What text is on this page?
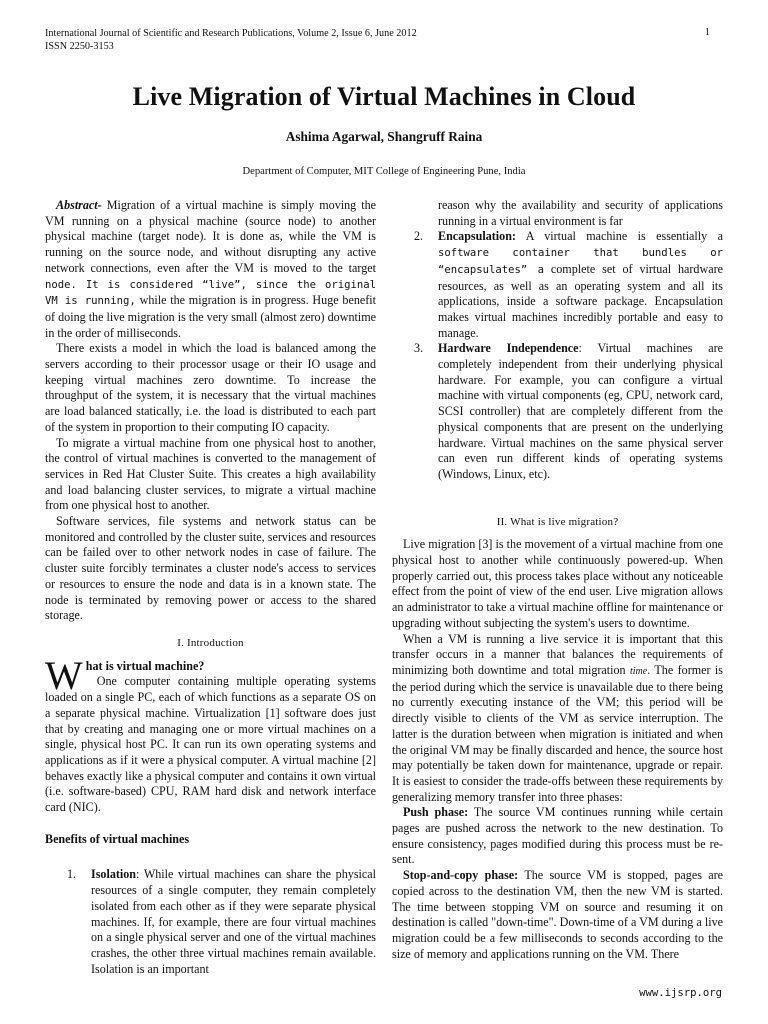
International Journal of Scientific and Research Publications, Volume 2, Issue 6, June 2012
ISSN 2250-3153
1
Live Migration of Virtual Machines in Cloud
Ashima Agarwal, Shangruff Raina
Department of Computer, MIT College of Engineering Pune, India

Abstract- Migration of a virtual machine is simply moving the VM running on a physical machine (source node) to another physical machine (target node). It is done as, while the VM is running on the source node, and without disrupting any active network connections, even after the VM is moved to the target node. It is considered “live”, since the original VM is running, while the migration is in progress. Huge benefit of doing the live migration is the very small (almost zero) downtime in the order of milliseconds.

There exists a model in which the load is balanced among the servers according to their processor usage or their IO usage and keeping virtual machines zero downtime. To increase the throughput of the system, it is necessary that the virtual machines are load balanced statically, i.e. the load is distributed to each part of the system in proportion to their computing IO capacity.

To migrate a virtual machine from one physical host to another, the control of virtual machines is converted to the management of services in Red Hat Cluster Suite. This creates a high availability and load balancing cluster services, to migrate a virtual machine from one physical host to another.

Software services, file systems and network status can be monitored and controlled by the cluster suite, services and resources can be failed over to other network nodes in case of failure. The cluster suite forcibly terminates a cluster node's access to services or resources to ensure the node and data is in a known state. The node is terminated by removing power or access to the shared storage.

I. Introduction

What is virtual machine?
One computer containing multiple operating systems loaded on a single PC, each of which functions as a separate OS on a separate physical machine. Virtualization [1] software does just that by creating and managing one or more virtual machines on a single, physical host PC. It can run its own operating systems and applications as if it were a physical computer. A virtual machine [2] behaves exactly like a physical computer and contains it own virtual (i.e. software-based) CPU, RAM hard disk and network interface card (NIC).

Benefits of virtual machines

1. Isolation: While virtual machines can share the physical resources of a single computer, they remain completely isolated from each other as if they were separate physical machines. If, for example, there are four virtual machines on a single physical server and one of the virtual machines crashes, the other three virtual machines remain available. Isolation is an important

reason why the availability and security of applications running in a virtual environment is far

2. Encapsulation: A virtual machine is essentially a software container that bundles or “encapsulates” a complete set of virtual hardware resources, as well as an operating system and all its applications, inside a software package. Encapsulation makes virtual machines incredibly portable and easy to manage.
3. Hardware Independence: Virtual machines are completely independent from their underlying physical hardware. For example, you can configure a virtual machine with virtual components (eg, CPU, network card, SCSI controller) that are completely different from the physical components that are present on the underlying hardware. Virtual machines on the same physical server can even run different kinds of operating systems (Windows, Linux, etc).
II. What is live migration?

Live migration [3] is the movement of a virtual machine from one physical host to another while continuously powered-up. When properly carried out, this process takes place without any noticeable effect from the point of view of the end user. Live migration allows an administrator to take a virtual machine offline for maintenance or upgrading without subjecting the system's users to downtime.

When a VM is running a live service it is important that this transfer occurs in a manner that balances the requirements of minimizing both downtime and total migration time. The former is the period during which the service is unavailable due to there being no currently executing instance of the VM; this period will be directly visible to clients of the VM as service interruption. The latter is the duration between when migration is initiated and when the original VM may be finally discarded and hence, the source host may potentially be taken down for maintenance, upgrade or repair. It is easiest to consider the trade-offs between these requirements by generalizing memory transfer into three phases:

Push phase: The source VM continues running while certain pages are pushed across the network to the new destination. To ensure consistency, pages modified during this process must be re-sent.

Stop-and-copy phase: The source VM is stopped, pages are copied across to the destination VM, then the new VM is started. The time between stopping VM on source and resuming it on destination is called "down-time". Down-time of a VM during a live migration could be a few milliseconds to seconds according to the size of memory and applications running on the VM. There

www.ijsrp.org
